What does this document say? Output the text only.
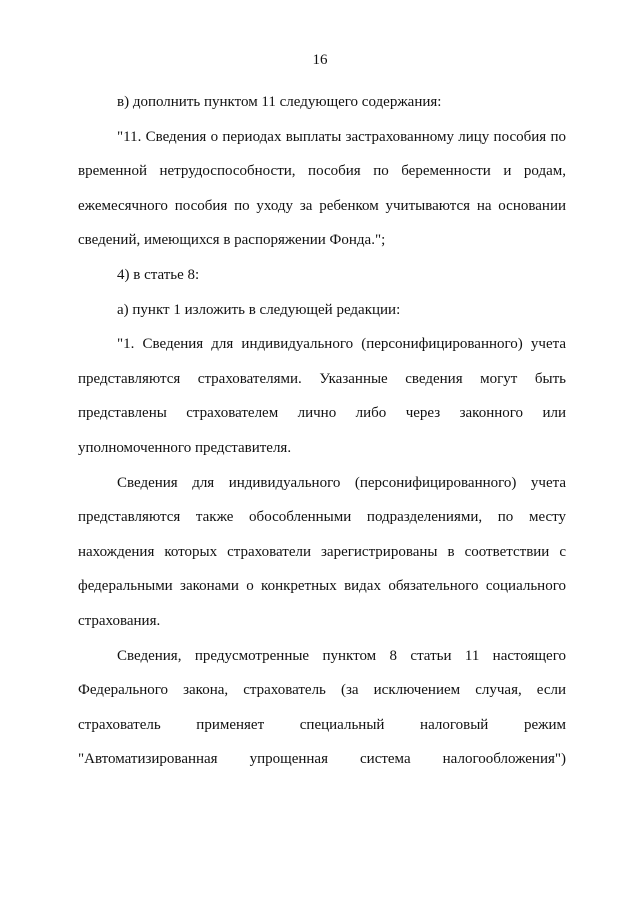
16

в) дополнить пунктом 11 следующего содержания:

"11. Сведения о периодах выплаты застрахованному лицу пособия по

временной нетрудоспособности, пособия по беременности и родам,

ежемесячного пособия по уходу за ребенком учитываются на основании

сведений, имеющихся в распоряжении Фонда.";

4) в статье 8:

а) пункт 1 изложить в следующей редакции:

"1. Сведения для индивидуального (персонифицированного) учета

представляются страхователями. Указанные сведения могут быть

представлены страхователем лично либо через законного или

уполномоченного представителя.

Сведения для индивидуального (персонифицированного) учета

представляются также обособленными подразделениями, по месту

нахождения которых страхователи зарегистрированы в соответствии с

федеральными законами о конкретных видах обязательного социального

страхования.

Сведения, предусмотренные пунктом 8 статьи 11 настоящего

Федерального закона, страхователь (за исключением случая, если

страхователь применяет специальный налоговый режим

"Автоматизированная упрощенная система налогообложения")
